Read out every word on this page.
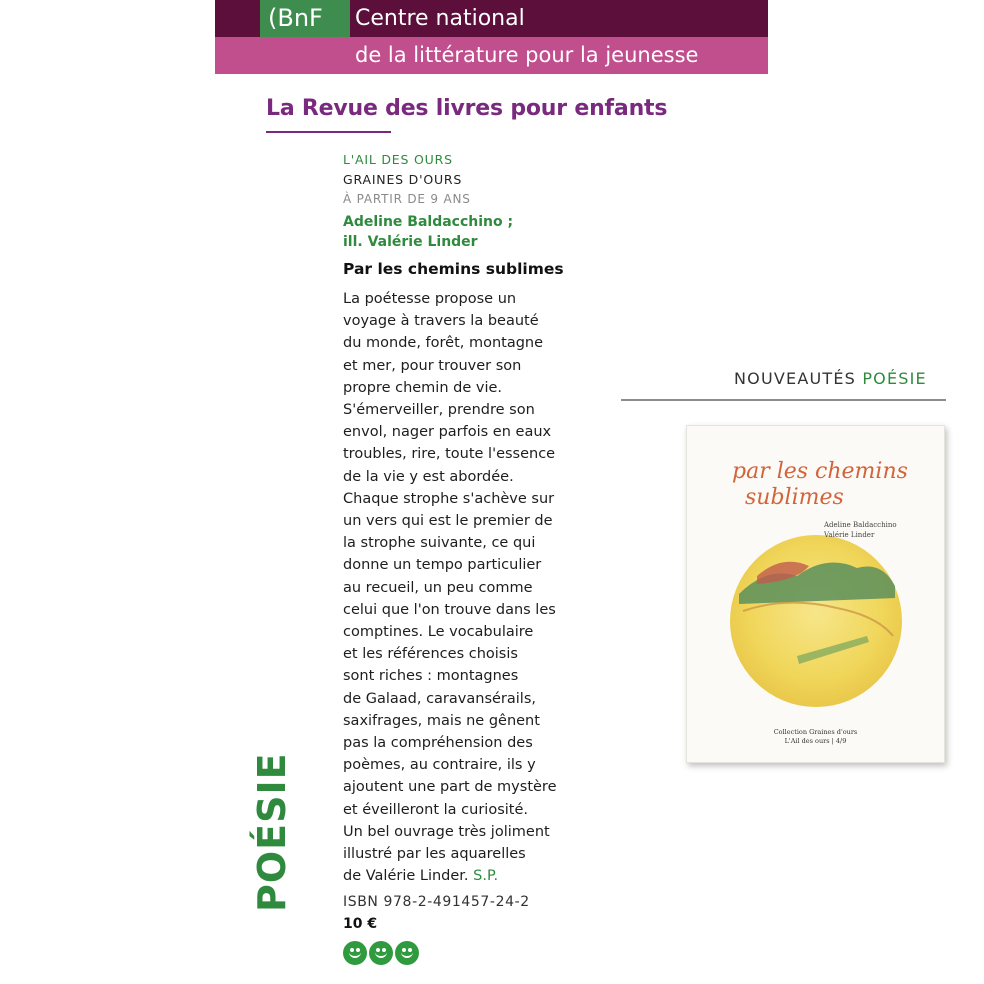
(BnF	Centre national
de la littérature pour la jeunesse
La Revue des livres pour enfants
POÉSIE
L'AIL DES OURS
GRAINES D'OURS
À PARTIR DE 9 ANS
Adeline Baldacchino ;
ill. Valérie Linder
Par les chemins sublimes
La poétesse propose un
voyage à travers la beauté
du monde, forêt, montagne
et mer, pour trouver son
propre chemin de vie.
S'émerveiller, prendre son
envol, nager parfois en eaux
troubles, rire, toute l'essence
de la vie y est abordée.
Chaque strophe s'achève sur
un vers qui est le premier de
la strophe suivante, ce qui
donne un tempo particulier
au recueil, un peu comme
celui que l'on trouve dans les
comptines. Le vocabulaire
et les références choisis
sont riches : montagnes
de Galaad, caravansérails,
saxifrages, mais ne gênent
pas la compréhension des
poèmes, au contraire, ils y
ajoutent une part de mystère
et éveilleront la curiosité.
Un bel ouvrage très joliment
illustré par les aquarelles
de Valérie Linder. S.P.
ISBN 978-2-491457-24-2
10 €
NOUVEAUTÉS POÉSIE
par les chemins
sublimes
Adeline Baldacchino
Valérie Linder
Collection Graines d'ours
L'Ail des ours | 4/9
